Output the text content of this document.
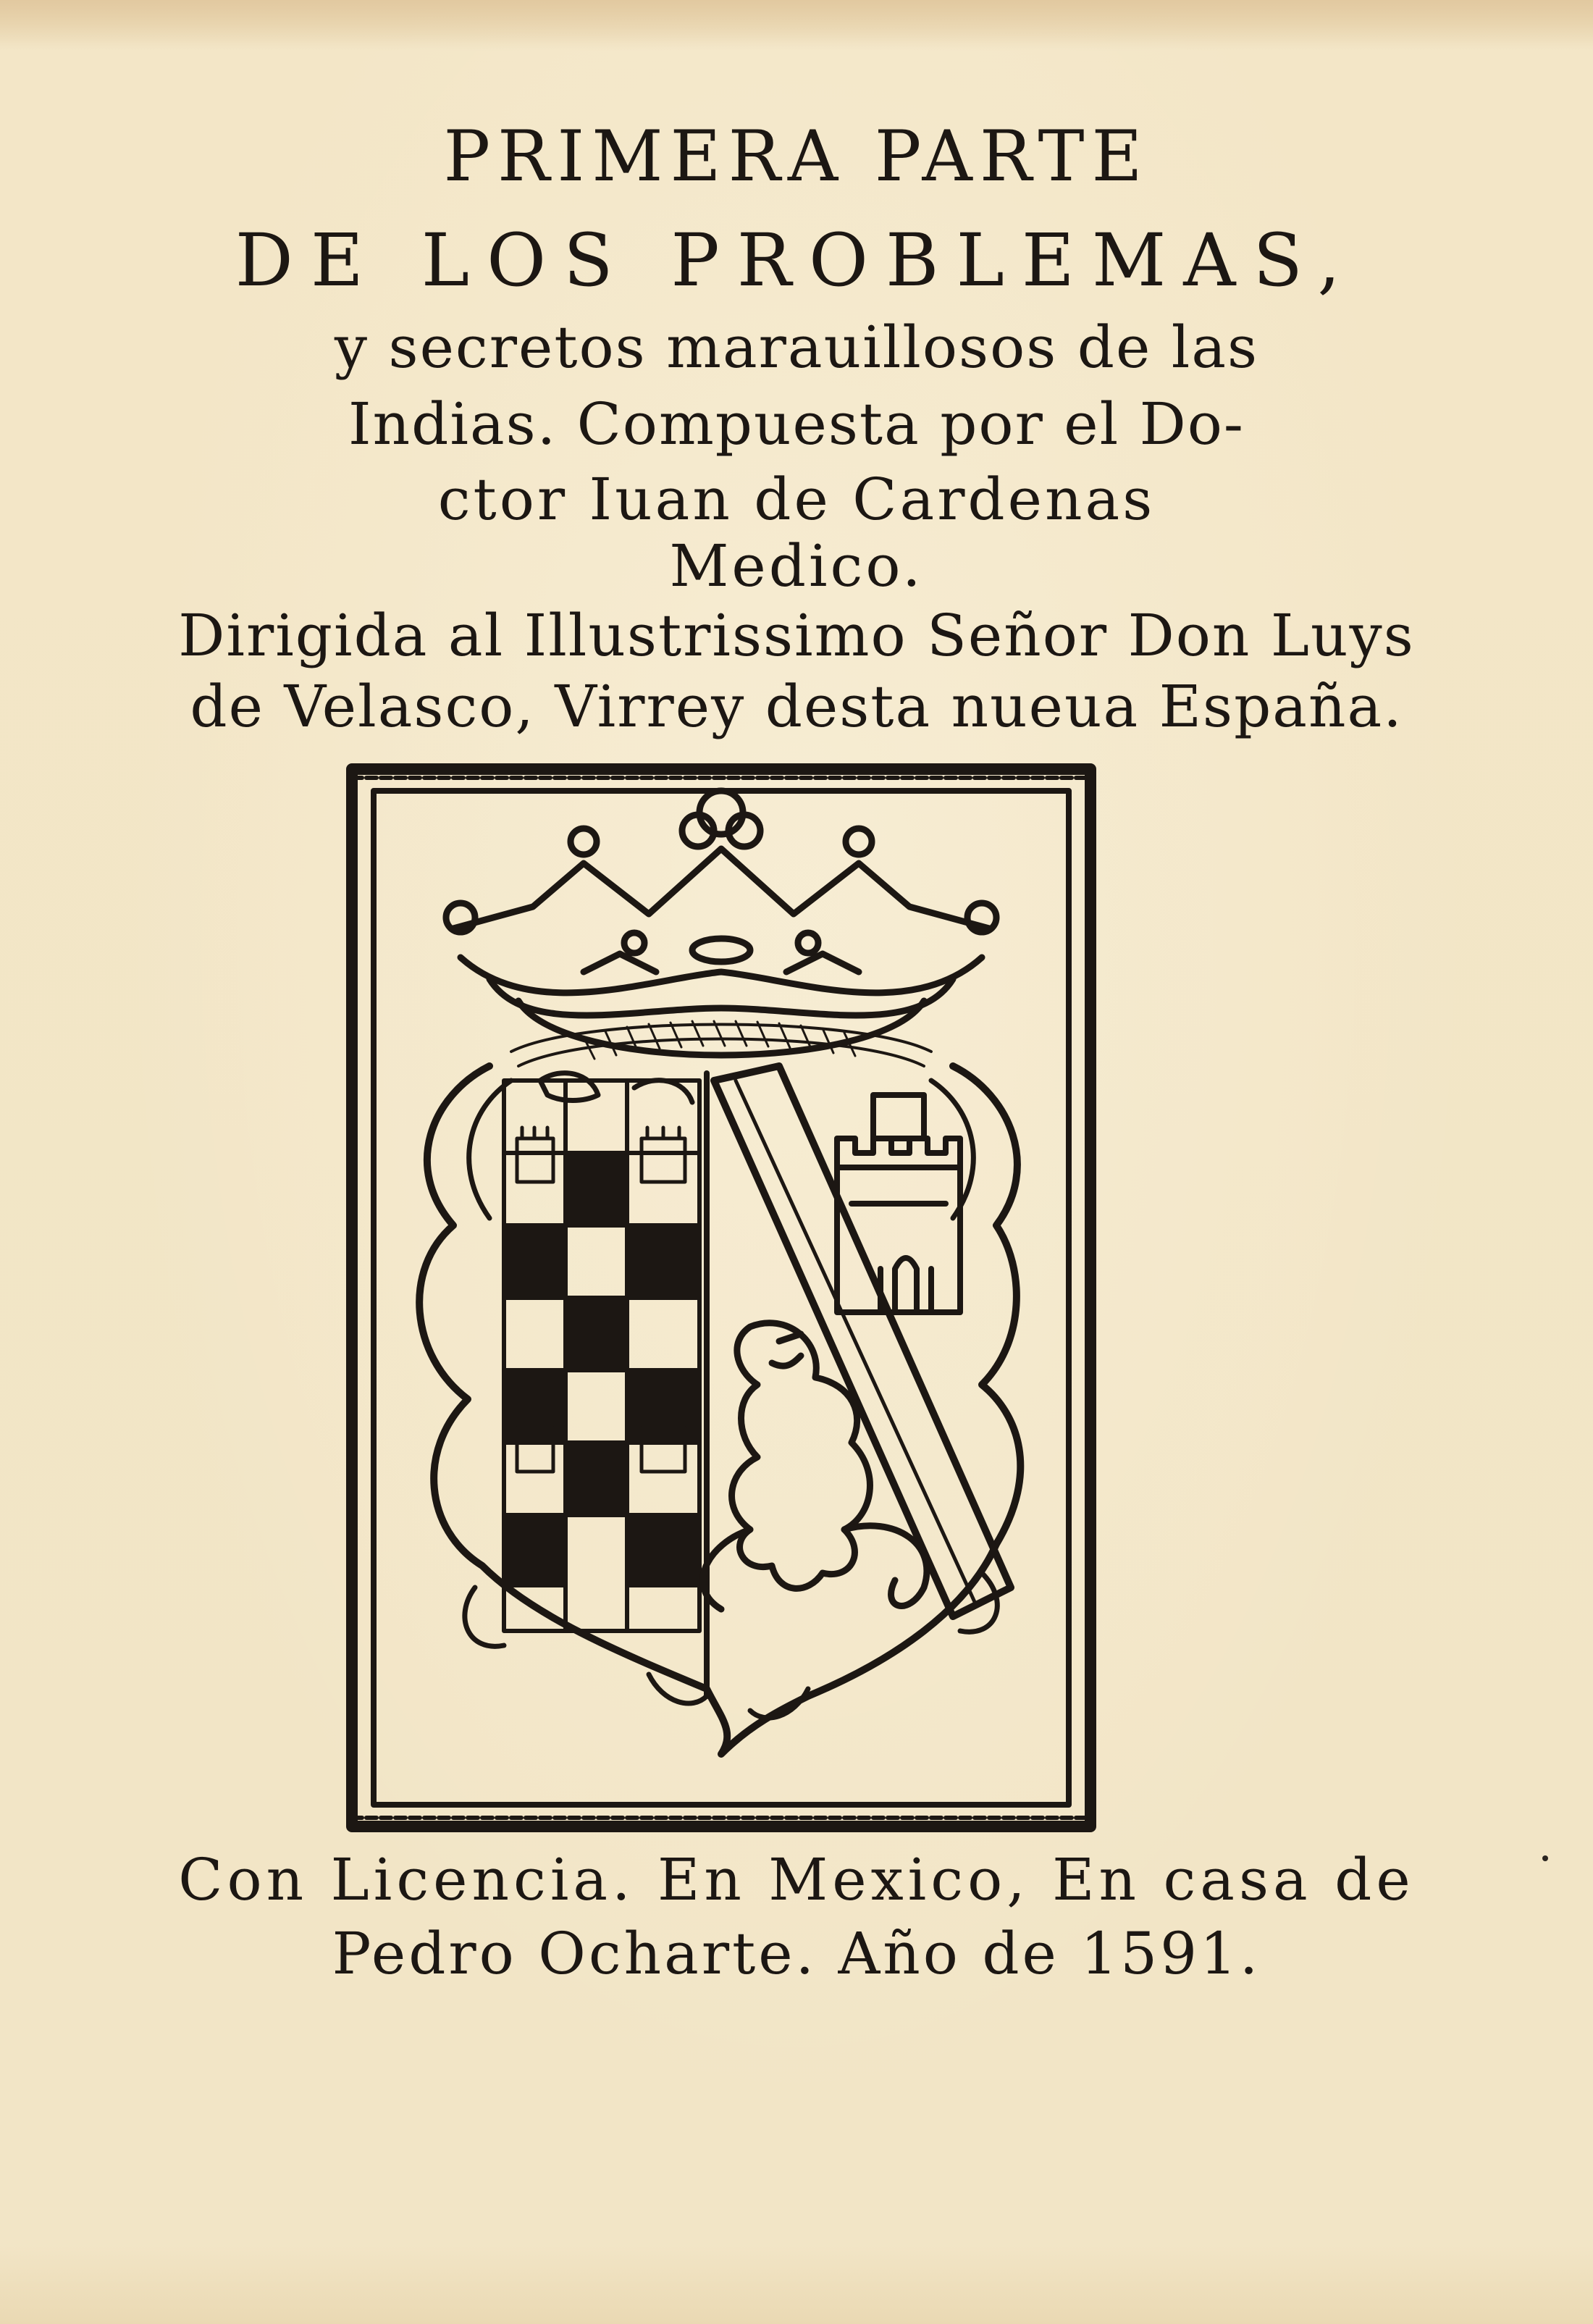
PRIMERA PARTE
DE LOS PROBLEMAS,
y secretos marauillosos de las
Indias. Compuesta por el Do-
ctor Iuan de Cardenas
Medico.
Dirigida al Illustrissimo Señor Don Luys
de Velasco, Virrey desta nueua España.
Con Licencia. En Mexico, En casa de
Pedro Ocharte. Año de 1591.
